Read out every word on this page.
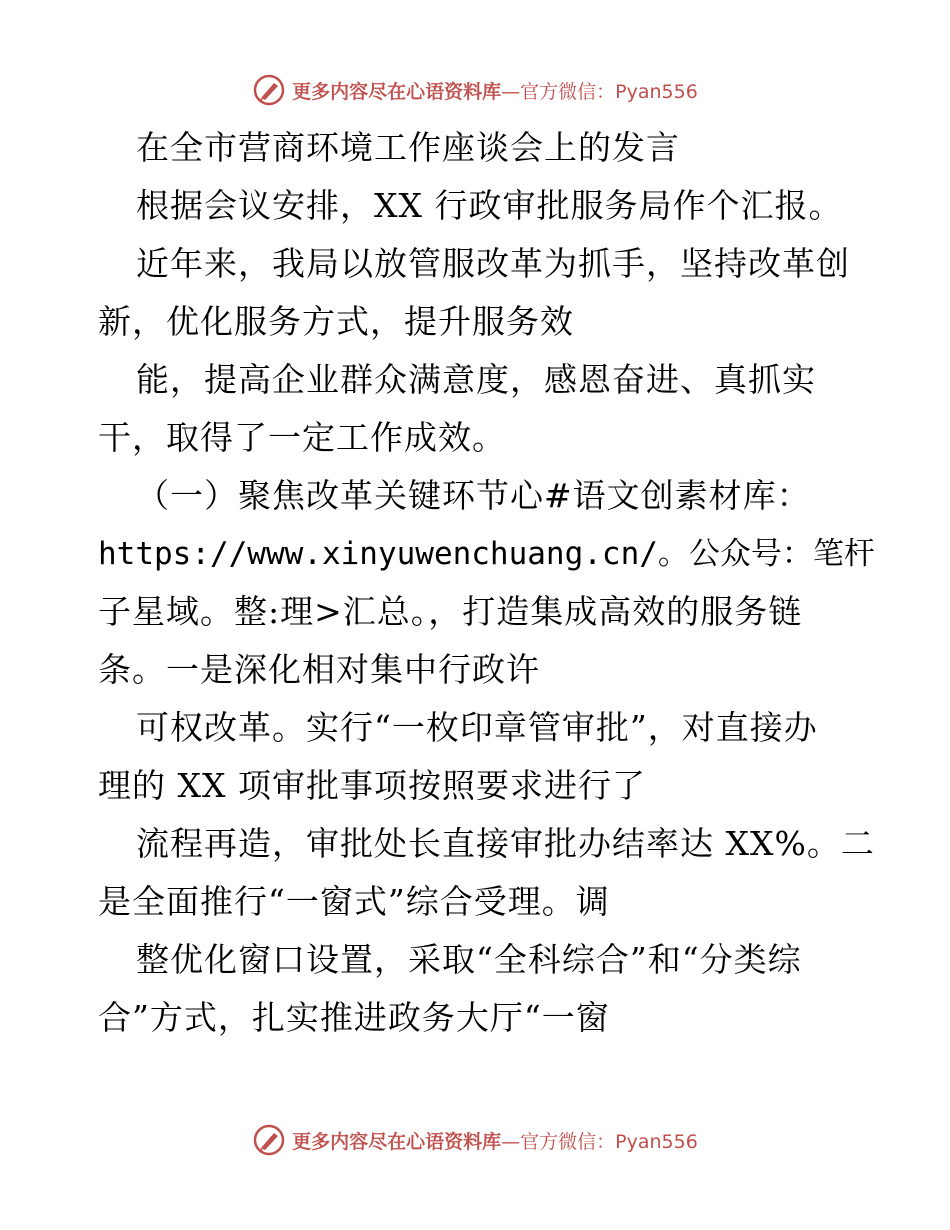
更多内容尽在心语资料库 —官方微信：Pyan556
在全市营商环境工作座谈会上的发言
根据会议安排，XX 行政审批服务局作个汇报。
近年来，我局以放管服改革为抓手，坚持改革创
新，优化服务方式，提升服务效
能，提高企业群众满意度，感恩奋进、真抓实
干，取得了一定工作成效。
（一）聚焦改革关键环节心#语文创素材库：
https://www.xinyuwenchuang.cn/。公众号：笔杆
子星域。整:理>汇总。，打造集成高效的服务链
条。一是深化相对集中行政许
可权改革。实行“一枚印章管审批”，对直接办
理的 XX 项审批事项按照要求进行了
流程再造，审批处长直接审批办结率达 XX%。二
是全面推行“一窗式”综合受理。调
整优化窗口设置，采取“全科综合”和“分类综
合”方式，扎实推进政务大厅“一窗
更多内容尽在心语资料库 —官方微信：Pyan556
